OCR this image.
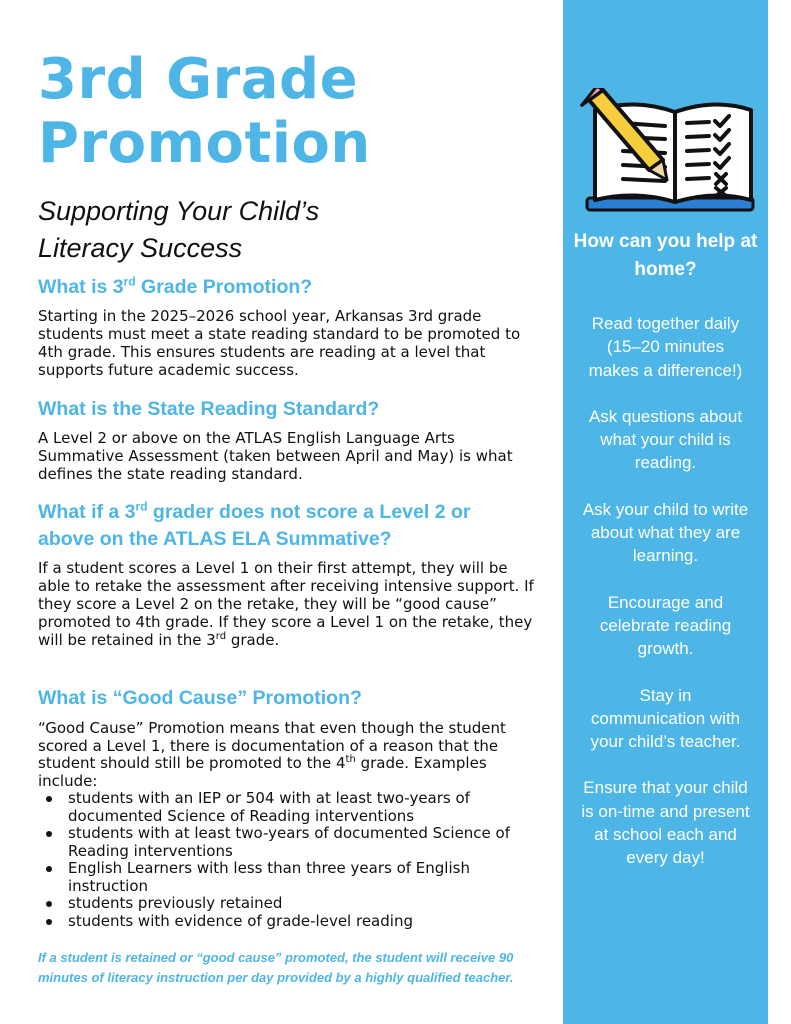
3rd Grade
Promotion

Supporting Your Child’s
Literacy Success

What is 3rd Grade Promotion?

Starting in the 2025–2026 school year, Arkansas 3rd grade students must meet a state reading standard to be promoted to 4th grade. This ensures students are reading at a level that supports future academic success.

What is the State Reading Standard?

A Level 2 or above on the ATLAS English Language Arts Summative Assessment (taken between April and May) is what defines the state reading standard.

What if a 3rd grader does not score a Level 2 or above on the ATLAS ELA Summative?

If a student scores a Level 1 on their first attempt, they will be able to retake the assessment after receiving intensive support. If they score a Level 2 on the retake, they will be “good cause” promoted to 4th grade. If they score a Level 1 on the retake, they will be retained in the 3rd grade.

What is “Good Cause” Promotion?

“Good Cause” Promotion means that even though the student scored a Level 1, there is documentation of a reason that the student should still be promoted to the 4th grade. Examples include:

students with an IEP or 504 with at least two-years of documented Science of Reading interventions
students with at least two-years of documented Science of Reading interventions
English Learners with less than three years of English instruction
students previously retained
students with evidence of grade-level reading

If a student is retained or “good cause” promoted, the student will receive 90 minutes of literacy instruction per day provided by a highly qualified teacher.

How can you help at home?

Read together daily (15–20 minutes makes a difference!)

Ask questions about what your child is reading.

Ask your child to write about what they are learning.

Encourage and celebrate reading growth.

Stay in communication with your child’s teacher.

Ensure that your child is on-time and present at school each and every day!
